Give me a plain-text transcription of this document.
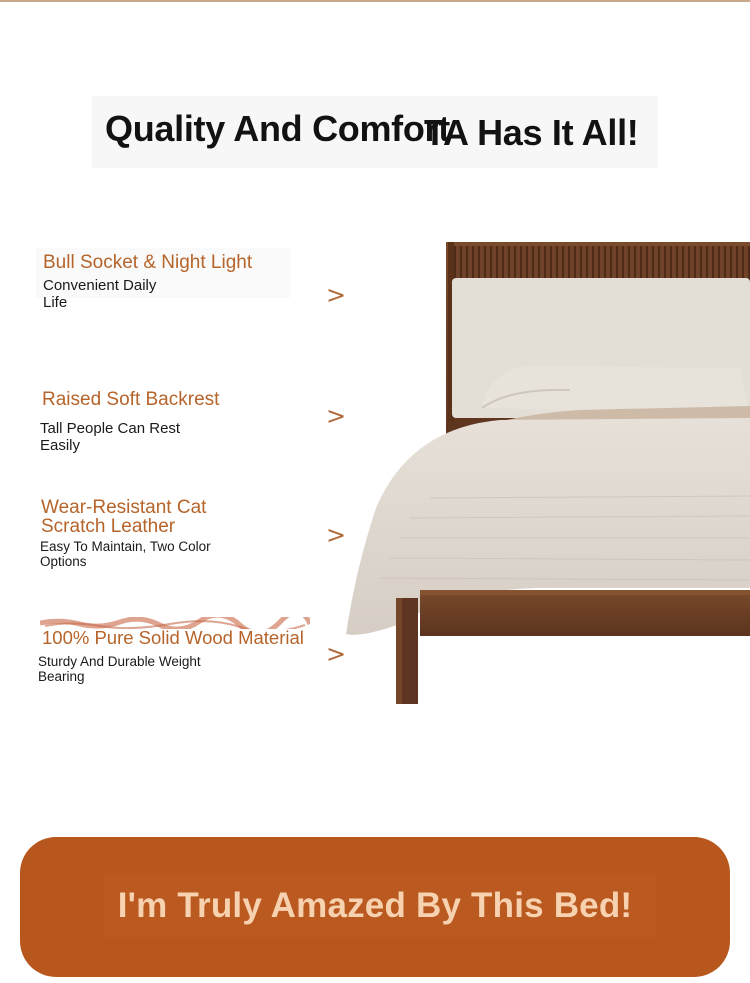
Quality And Comfort
TA Has It All!
Bull Socket & Night Light
Convenient Daily
Life	>
Raised Soft Backrest
Tall People Can Rest
Easily
>
Wear-Resistant Cat
Scratch Leather
Easy To Maintain, Two Color
Options
>
100% Pure Solid Wood Material
Sturdy And Durable Weight
Bearing
>
I'm Truly Amazed By This Bed!
